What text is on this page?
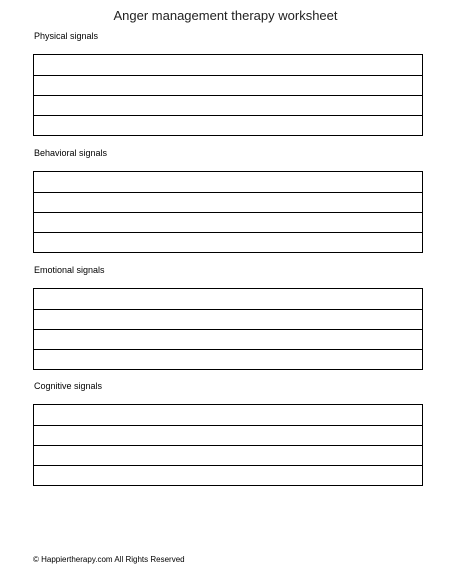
Anger management therapy worksheet
Physical signals
Behavioral signals
Emotional signals
Cognitive signals
© Happiertherapy.com All Rights Reserved
